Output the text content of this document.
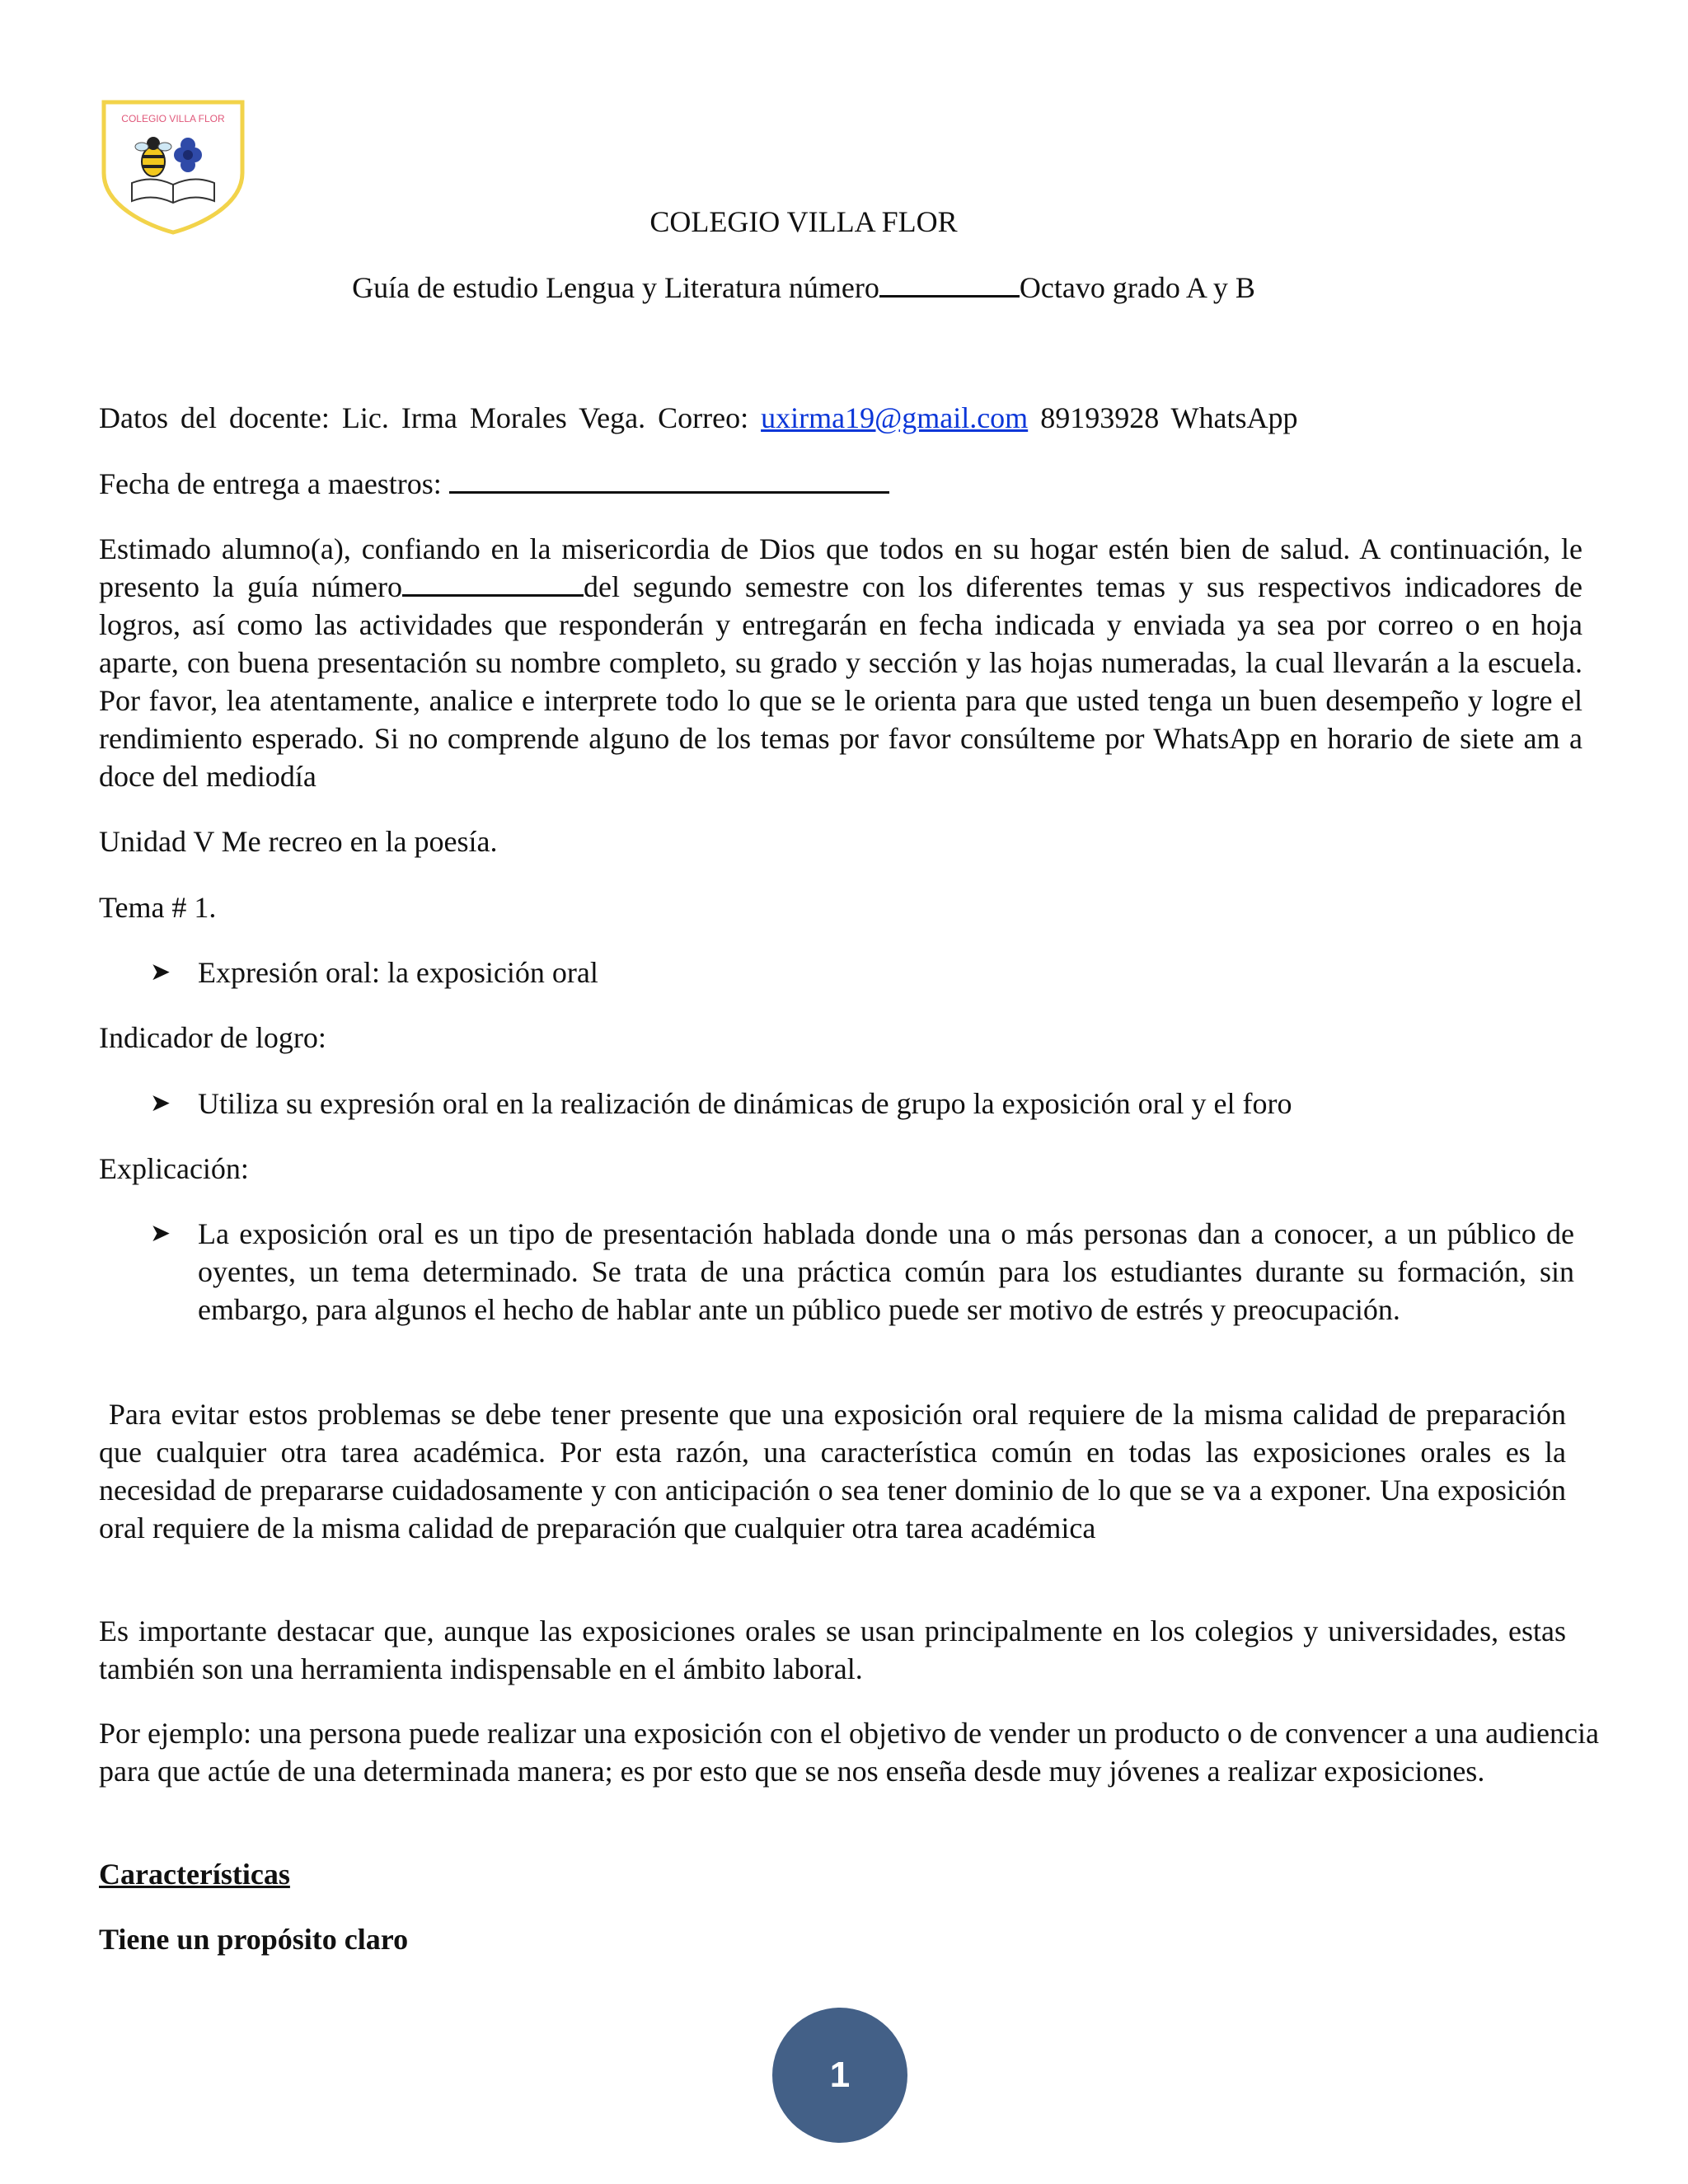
COLEGIO VILLA FLOR
COLEGIO VILLA FLOR
Guía de estudio Lengua y Literatura número	Octavo grado A y B
Datos del docente: Lic. Irma Morales Vega. Correo: uxirma19@gmail.com 89193928 WhatsApp
Fecha de entrega a maestros:
Estimado alumno(a), confiando en la misericordia de Dios que todos en su hogar estén bien de salud. A continuación, le presento la guía número	del segundo semestre con los diferentes temas y sus respectivos indicadores de logros, así como las actividades que responderán y entregarán en fecha indicada y enviada ya sea por correo o en hoja aparte, con buena presentación su nombre completo, su grado y sección y las hojas numeradas, la cual llevarán a la escuela. Por favor, lea atentamente, analice e interprete todo lo que se le orienta para que usted tenga un buen desempeño y logre el rendimiento esperado. Si no comprende alguno de los temas por favor consúlteme por WhatsApp en horario de siete am a doce del mediodía
Unidad V Me recreo en la poesía.
Tema # 1.
➤ Expresión oral: la exposición oral
Indicador de logro:
➤ Utiliza su expresión oral en la realización de dinámicas de grupo la exposición oral y el foro
Explicación:
➤ La exposición oral es un tipo de presentación hablada donde una o más personas dan a conocer, a un público de oyentes, un tema determinado. Se trata de una práctica común para los estudiantes durante su formación, sin embargo, para algunos el hecho de hablar ante un público puede ser motivo de estrés y preocupación.
Para evitar estos problemas se debe tener presente que una exposición oral requiere de la misma calidad de preparación que cualquier otra tarea académica. Por esta razón, una característica común en todas las exposiciones orales es la necesidad de prepararse cuidadosamente y con anticipación o sea tener dominio de lo que se va a exponer. Una exposición oral requiere de la misma calidad de preparación que cualquier otra tarea académica
Es importante destacar que, aunque las exposiciones orales se usan principalmente en los colegios y universidades, estas también son una herramienta indispensable en el ámbito laboral.
Por ejemplo: una persona puede realizar una exposición con el objetivo de vender un producto o de convencer a una audiencia para que actúe de una determinada manera; es por esto que se nos enseña desde muy jóvenes a realizar exposiciones.
Características
Tiene un propósito claro
1
